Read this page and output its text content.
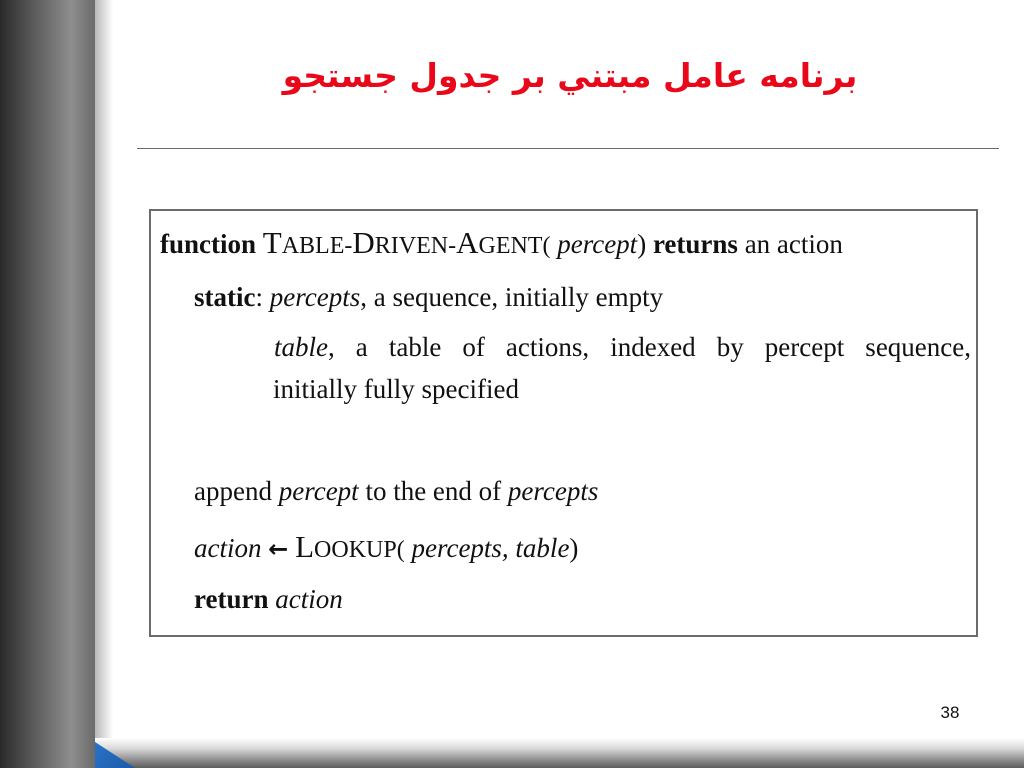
برنامه عامل مبتني بر جدول جستجو
function TABLE-DRIVEN-AGENT( percept) returns an action
static: percepts, a sequence, initially empty
table, a table of actions, indexed by percept sequence,
initially fully specified
append percept to the end of percepts
action ← LOOKUP( percepts, table)
return action
38
